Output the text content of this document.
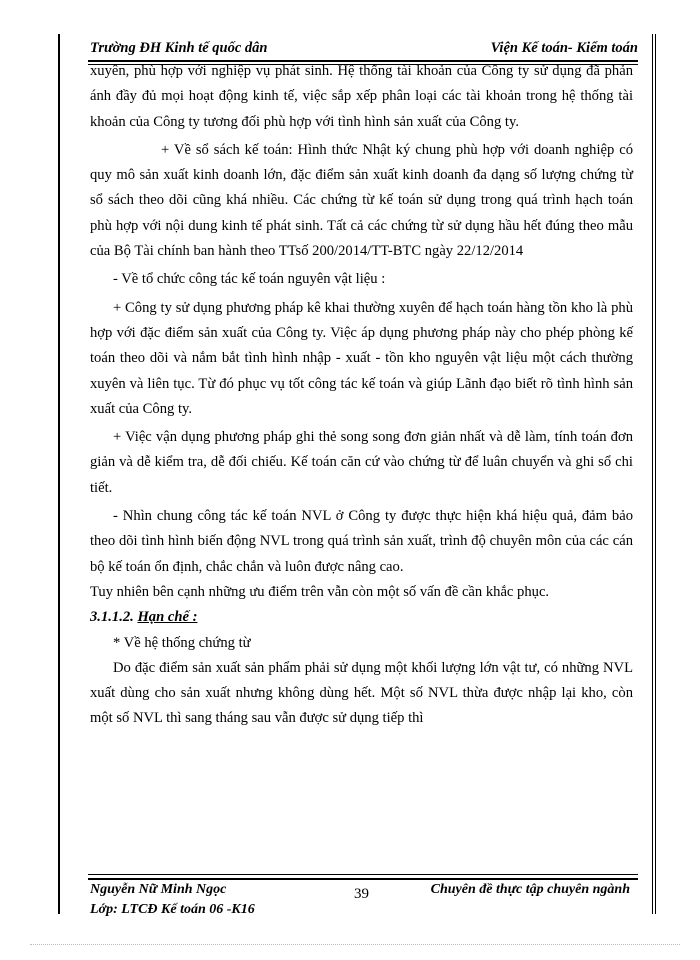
Trường ĐH Kinh tế quốc dân	Viện Kế toán- Kiểm toán

xuyên, phù hợp với nghiệp vụ phát sinh. Hệ thống tài khoản của Công ty sử dụng đã phản ánh đầy đủ mọi hoạt động kinh tế, việc sắp xếp phân loại các tài khoản trong hệ thống tài khoản của Công ty tương đối phù hợp với tình hình sản xuất của Công ty.

+ Về sổ sách kế toán: Hình thức Nhật ký chung phù hợp với doanh nghiệp có quy mô sản xuất kinh doanh lớn, đặc điểm sản xuất kinh doanh đa dạng số lượng chứng từ sổ sách theo dõi cũng khá nhiều. Các chứng từ kế toán sử dụng trong quá trình hạch toán phù hợp với nội dung kinh tế phát sinh. Tất cả các chứng từ sử dụng hầu hết đúng theo mẫu của Bộ Tài chính ban hành theo TTsố 200/2014/TT-BTC ngày 22/12/2014

- Về tổ chức công tác kế toán nguyên vật liệu :

+ Công ty sử dụng phương pháp kê khai thường xuyên để hạch toán hàng tồn kho là phù hợp với đặc điểm sản xuất của Công ty. Việc áp dụng phương pháp này cho phép phòng kế toán theo dõi và nắm bắt tình hình nhập - xuất - tồn kho nguyên vật liệu một cách thường xuyên và liên tục. Từ đó phục vụ tốt công tác kế toán và giúp Lãnh đạo biết rõ tình hình sản xuất của Công ty.

+ Việc vận dụng phương pháp ghi thẻ song song đơn giản nhất và dễ làm, tính toán đơn giản và dễ kiểm tra, dễ đối chiếu. Kế toán căn cứ vào chứng từ để luân chuyển và ghi sổ chi tiết.

- Nhìn chung công tác kế toán NVL ở Công ty được thực hiện khá hiệu quả, đảm bảo theo dõi tình hình biến động NVL trong quá trình sản xuất, trình độ chuyên môn của các cán bộ kế toán ổn định, chắc chắn và luôn được nâng cao.

Tuy nhiên bên cạnh những ưu điểm trên vẫn còn một số vấn đề cần khắc phục.

3.1.1.2. Hạn chế :

* Về hệ thống chứng từ

Do đặc điểm sản xuất sản phẩm phải sử dụng một khối lượng lớn vật tư, có những NVL xuất dùng cho sản xuất nhưng không dùng hết. Một số NVL thừa được nhập lại kho, còn một số NVL thì sang tháng sau vẫn được sử dụng tiếp thì

Nguyễn Nữ Minh Ngọc
Lớp: LTCĐ Kế toán 06 -K16
39	Chuyên đề thực tập chuyên ngành
